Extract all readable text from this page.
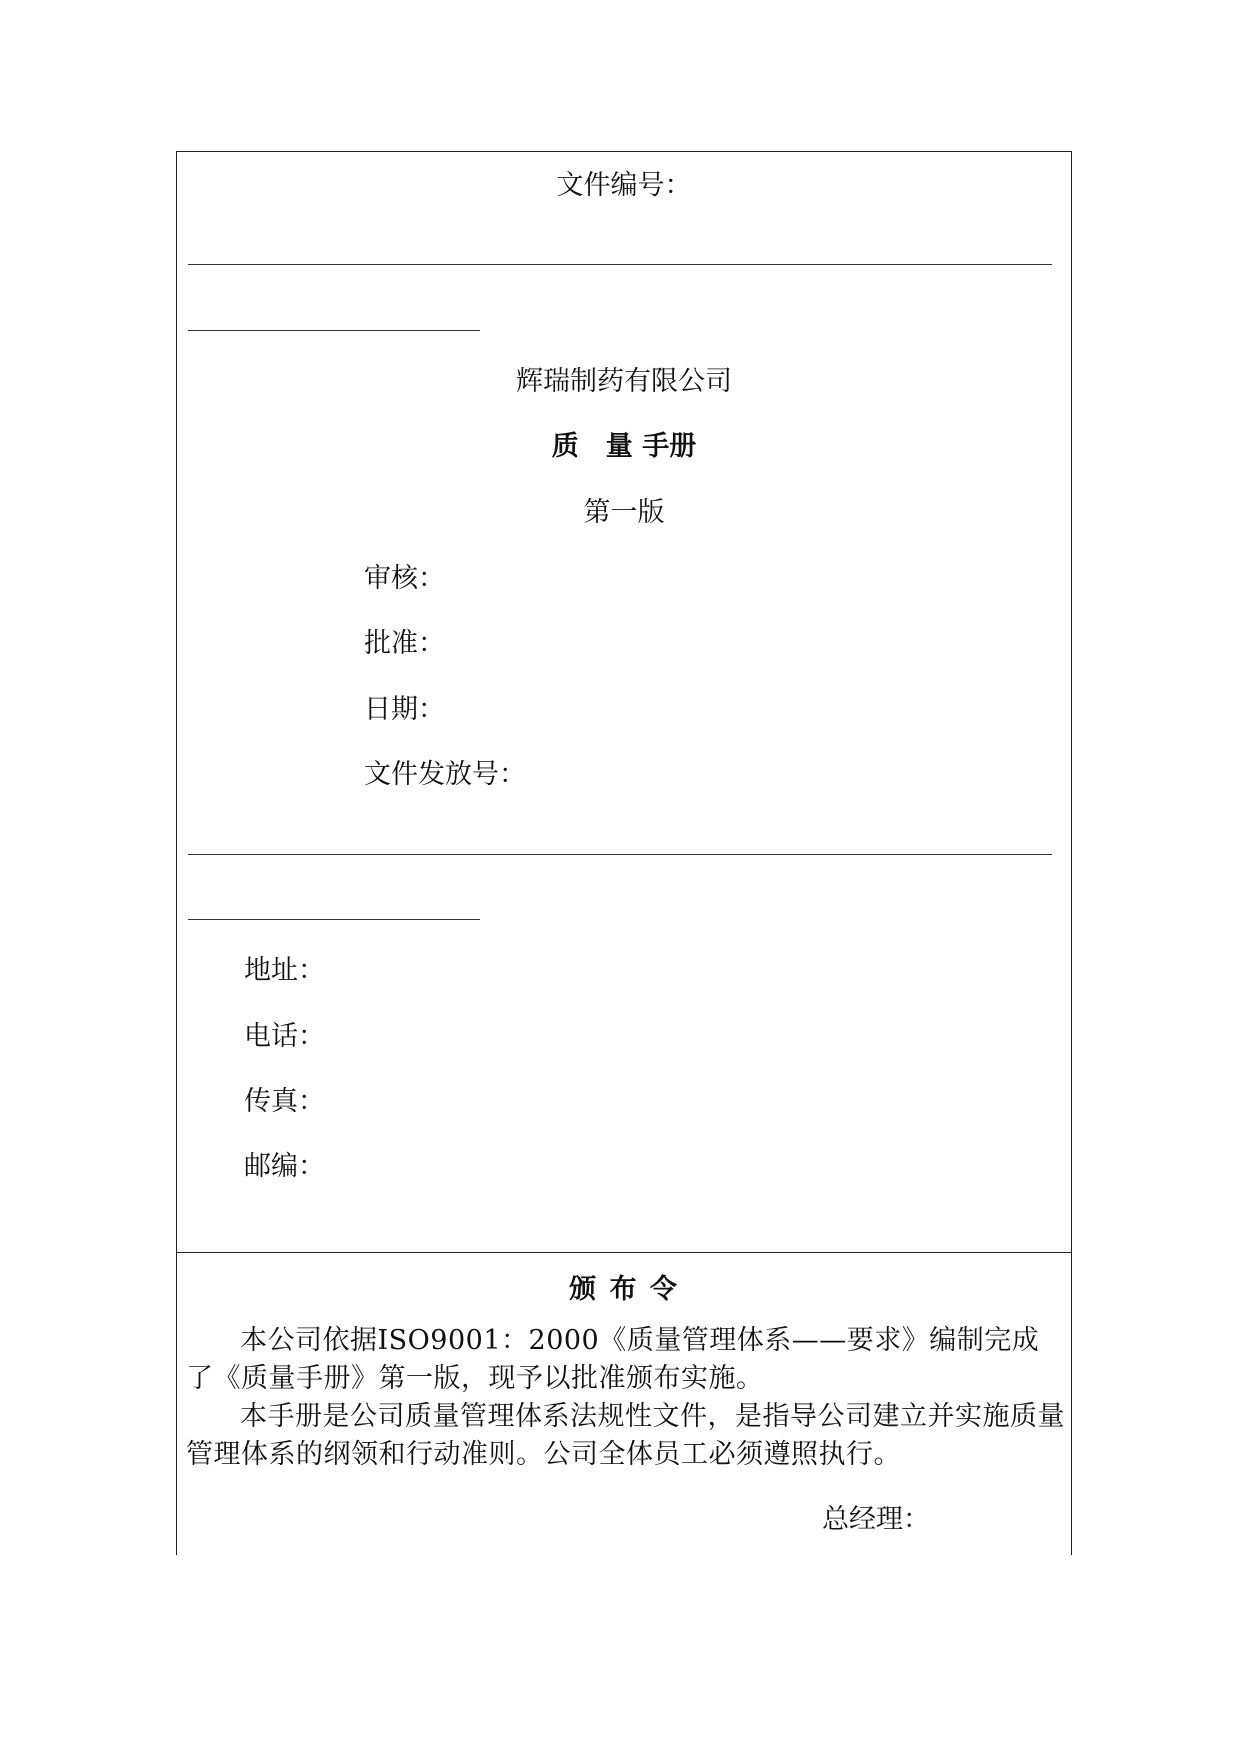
文件编号：
辉瑞制药有限公司
质　量 手册
第一版
审核：
批准：
日期：
文件发放号：
地址：
电话：
传真：
邮编：
颁 布 令

本公司依据ISO9001：2000《质量管理体系——要求》编制完成了《质量手册》第一版，现予以批准颁布实施。

本手册是公司质量管理体系法规性文件，是指导公司建立并实施质量管理体系的纲领和行动准则。公司全体员工必须遵照执行。

总经理：
